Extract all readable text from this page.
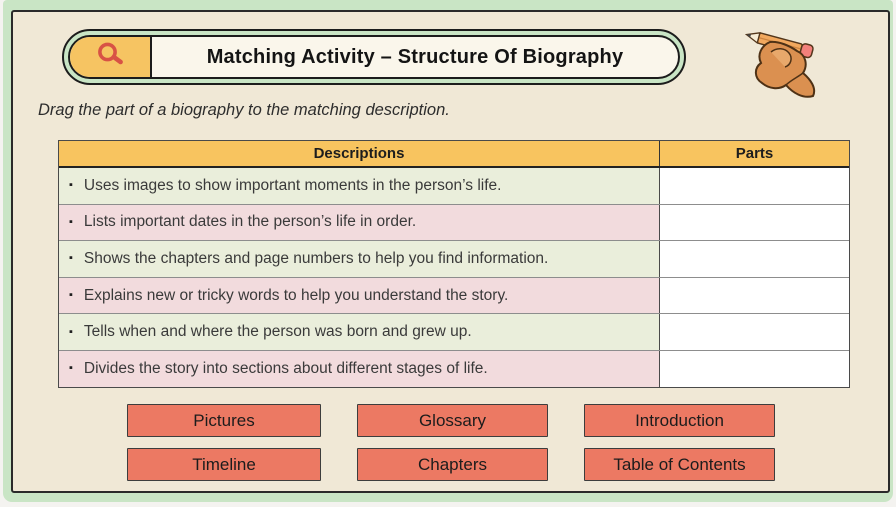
Matching Activity – Structure Of Biography
Drag the part of a biography to the matching description.
Descriptions	Parts
▪ Uses images to show important moments in the person’s life.
▪ Lists important dates in the person’s life in order.
▪ Shows the chapters and page numbers to help you find information.
▪ Explains new or tricky words to help you understand the story.
▪ Tells when and where the person was born and grew up.
▪ Divides the story into sections about different stages of life.
Pictures	Glossary	Introduction
Timeline	Chapters	Table of Contents
